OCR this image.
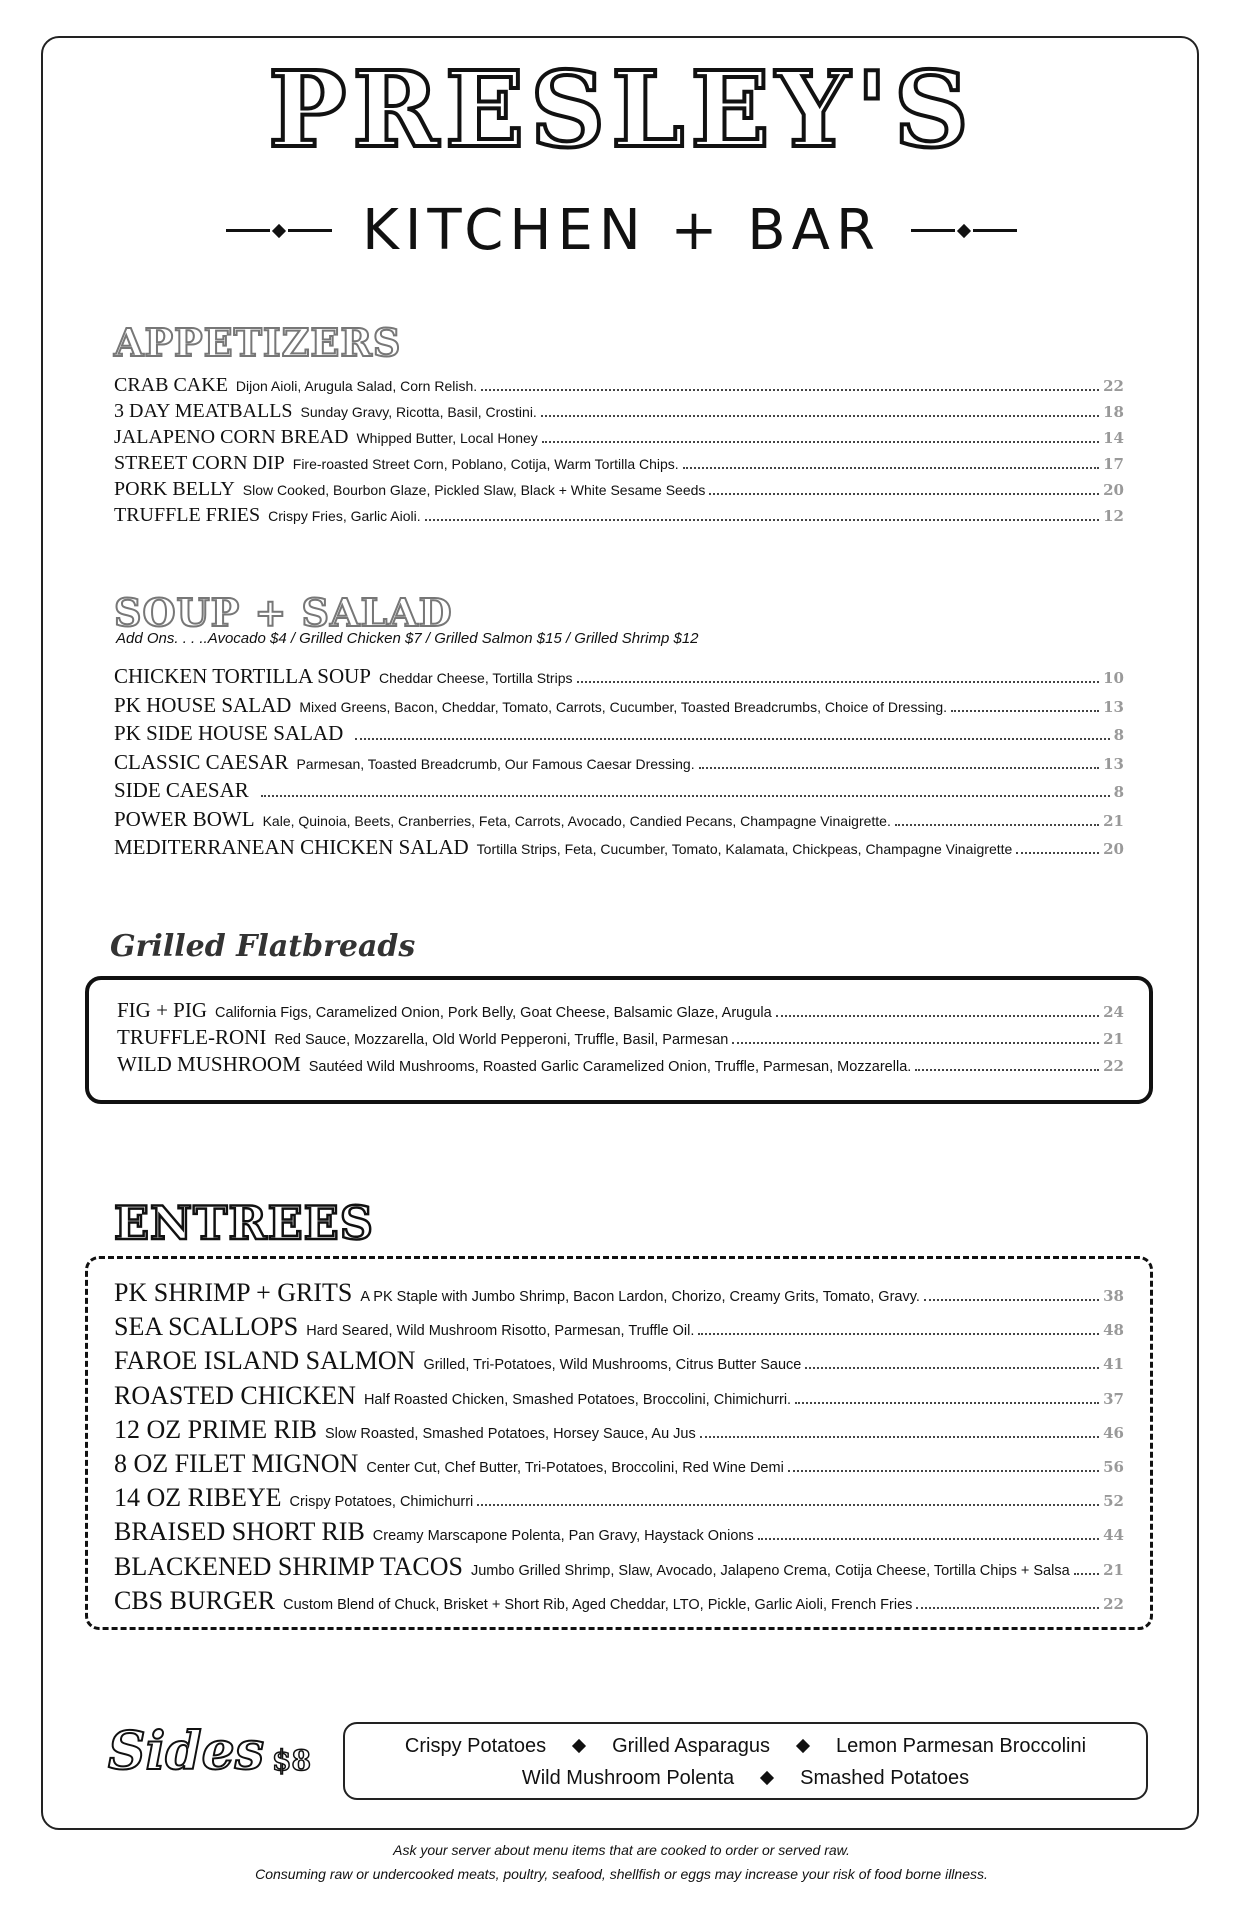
PRESLEY'S
KITCHEN + BAR
APPETIZERS
CRAB CAKE Dijon Aioli, Arugula Salad, Corn Relish.	22
3 DAY MEATBALLS Sunday Gravy, Ricotta, Basil, Crostini.	18
JALAPENO CORN BREAD Whipped Butter, Local Honey	14
STREET CORN DIP Fire-roasted Street Corn, Poblano, Cotija, Warm Tortilla Chips.	17
PORK BELLY Slow Cooked, Bourbon Glaze, Pickled Slaw, Black + White Sesame Seeds	20
TRUFFLE FRIES Crispy Fries, Garlic Aioli.	12
SOUP + SALAD
Add Ons. . . ..Avocado $4 / Grilled Chicken $7 / Grilled Salmon $15 / Grilled Shrimp $12
CHICKEN TORTILLA SOUP Cheddar Cheese, Tortilla Strips	10
PK HOUSE SALAD Mixed Greens, Bacon, Cheddar, Tomato, Carrots, Cucumber, Toasted Breadcrumbs, Choice of Dressing.	13
PK SIDE HOUSE SALAD	8
CLASSIC CAESAR Parmesan, Toasted Breadcrumb, Our Famous Caesar Dressing.	13
SIDE CAESAR	8
POWER BOWL Kale, Quinoia, Beets, Cranberries, Feta, Carrots, Avocado, Candied Pecans, Champagne Vinaigrette.	21
MEDITERRANEAN CHICKEN SALAD Tortilla Strips, Feta, Cucumber, Tomato, Kalamata, Chickpeas, Champagne Vinaigrette	20
Grilled Flatbreads
FIG + PIG California Figs, Caramelized Onion, Pork Belly, Goat Cheese, Balsamic Glaze, Arugula	24
TRUFFLE-RONI Red Sauce, Mozzarella, Old World Pepperoni, Truffle, Basil, Parmesan	21
WILD MUSHROOM Sautéed Wild Mushrooms, Roasted Garlic Caramelized Onion, Truffle, Parmesan, Mozzarella.	22
ENTREES
PK SHRIMP + GRITS A PK Staple with Jumbo Shrimp, Bacon Lardon, Chorizo, Creamy Grits, Tomato, Gravy.	38
SEA SCALLOPS Hard Seared, Wild Mushroom Risotto, Parmesan, Truffle Oil.	48
FAROE ISLAND SALMON Grilled, Tri-Potatoes, Wild Mushrooms, Citrus Butter Sauce	41
ROASTED CHICKEN Half Roasted Chicken, Smashed Potatoes, Broccolini, Chimichurri.	37
12 OZ PRIME RIB Slow Roasted, Smashed Potatoes, Horsey Sauce, Au Jus	46
8 OZ FILET MIGNON Center Cut, Chef Butter, Tri-Potatoes, Broccolini, Red Wine Demi	56
14 OZ RIBEYE Crispy Potatoes, Chimichurri	52
BRAISED SHORT RIB Creamy Marscapone Polenta, Pan Gravy, Haystack Onions	44
BLACKENED SHRIMP TACOS Jumbo Grilled Shrimp, Slaw, Avocado, Jalapeno Crema, Cotija Cheese, Tortilla Chips + Salsa 21
CBS BURGER Custom Blend of Chuck, Brisket + Short Rib, Aged Cheddar, LTO, Pickle, Garlic Aioli, French Fries	22
Sides $8	Crispy Potatoes	Grilled Asparagus	Lemon Parmesan Broccolini
Wild Mushroom Polenta	Smashed Potatoes
Ask your server about menu items that are cooked to order or served raw.
Consuming raw or undercooked meats, poultry, seafood, shellfish or eggs may increase your risk of food borne illness.
